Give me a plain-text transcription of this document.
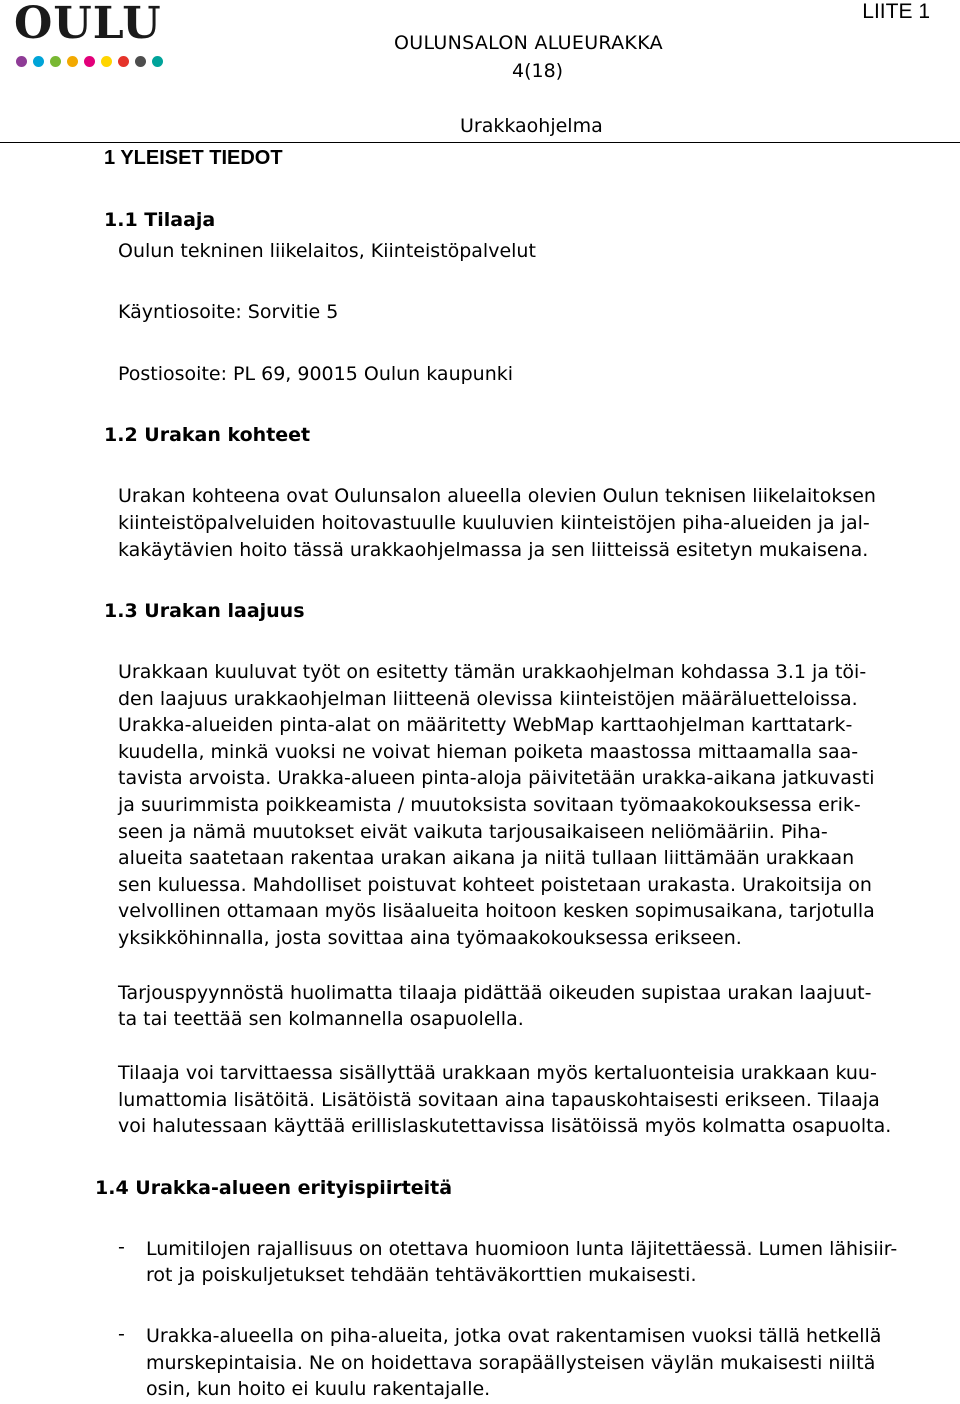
OULU	LIITE 1
OULUNSALON ALUEURAKKA
4(18)
Urakkaohjelma
1 YLEISET TIEDOT
1.1 Tilaaja
Oulun tekninen liikelaitos, Kiinteistöpalvelut
Käyntiosoite: Sorvitie 5
Postiosoite: PL 69, 90015 Oulun kaupunki
1.2 Urakan kohteet
Urakan kohteena ovat Oulunsalon alueella olevien Oulun teknisen liikelaitoksen
kiinteistöpalveluiden hoitovastuulle kuuluvien kiinteistöjen piha-alueiden ja jal-
kakäytävien hoito tässä urakkaohjelmassa ja sen liitteissä esitetyn mukaisena.
1.3 Urakan laajuus
Urakkaan kuuluvat työt on esitetty tämän urakkaohjelman kohdassa 3.1 ja töi-
den laajuus urakkaohjelman liitteenä olevissa kiinteistöjen määräluetteloissa.
Urakka-alueiden pinta-alat on määritetty WebMap karttaohjelman karttatark-
kuudella, minkä vuoksi ne voivat hieman poiketa maastossa mittaamalla saa-
tavista arvoista. Urakka-alueen pinta-aloja päivitetään urakka-aikana jatkuvasti
ja suurimmista poikkeamista / muutoksista sovitaan työmaakokouksessa erik-
seen ja nämä muutokset eivät vaikuta tarjousaikaiseen neliömääriin. Piha-
alueita saatetaan rakentaa urakan aikana ja niitä tullaan liittämään urakkaan
sen kuluessa. Mahdolliset poistuvat kohteet poistetaan urakasta. Urakoitsija on
velvollinen ottamaan myös lisäalueita hoitoon kesken sopimusaikana, tarjotulla
yksikköhinnalla, josta sovittaa aina työmaakokouksessa erikseen.
Tarjouspyynnöstä huolimatta tilaaja pidättää oikeuden supistaa urakan laajuut-
ta tai teettää sen kolmannella osapuolella.
Tilaaja voi tarvittaessa sisällyttää urakkaan myös kertaluonteisia urakkaan kuu-
lumattomia lisätöitä. Lisätöistä sovitaan aina tapauskohtaisesti erikseen. Tilaaja
voi halutessaan käyttää erillislaskutettavissa lisätöissä myös kolmatta osapuolta.
1.4 Urakka-alueen erityispiirteitä
- Lumitilojen rajallisuus on otettava huomioon lunta läjitettäessä. Lumen lähisiir-
rot ja poiskuljetukset tehdään tehtäväkorttien mukaisesti.
- Urakka-alueella on piha-alueita, jotka ovat rakentamisen vuoksi tällä hetkellä
murskepintaisia. Ne on hoidettava sorapäällysteisen väylän mukaisesti niiltä
osin, kun hoito ei kuulu rakentajalle.
